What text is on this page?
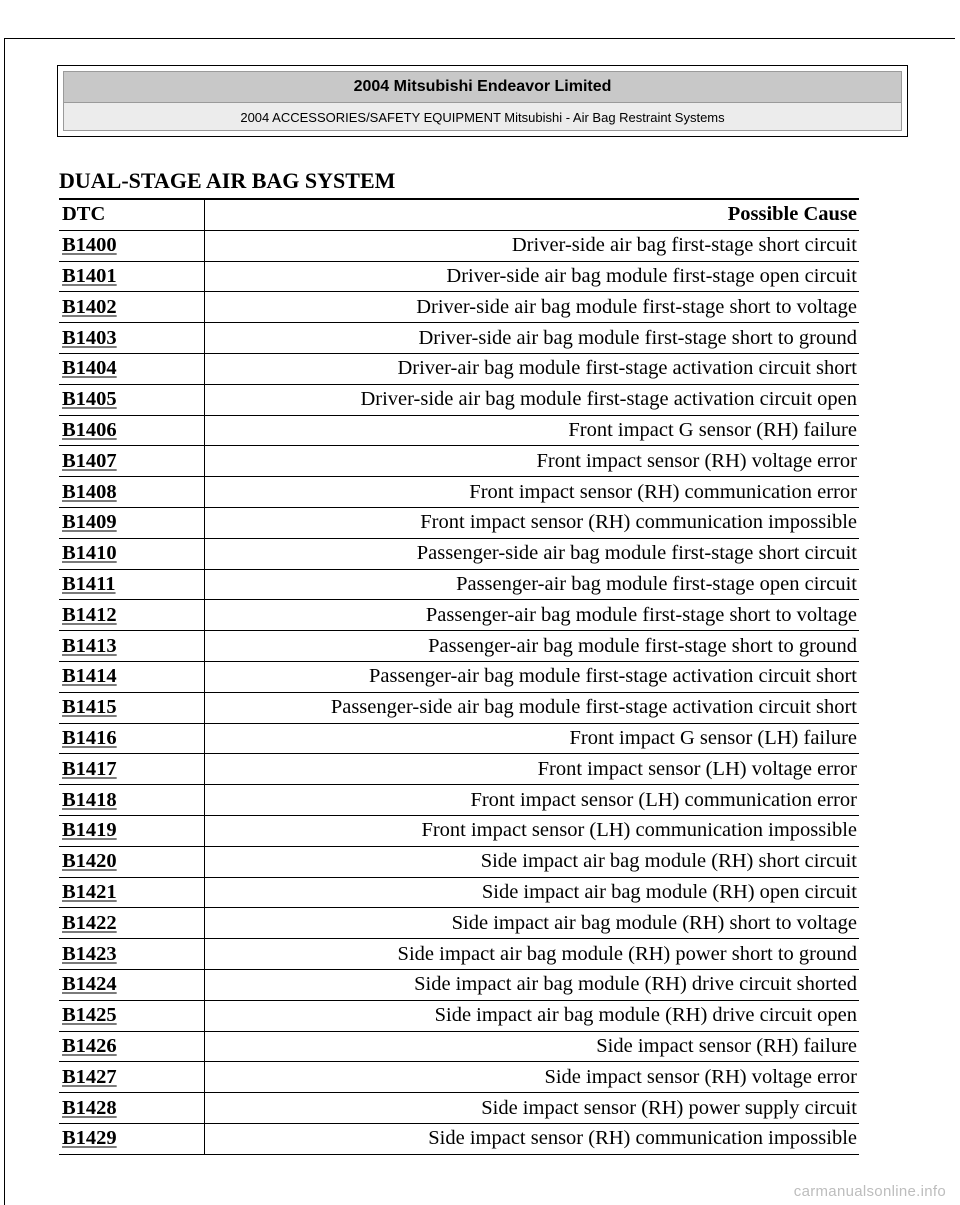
2004 Mitsubishi Endeavor Limited
2004 ACCESSORIES/SAFETY EQUIPMENT Mitsubishi - Air Bag Restraint Systems
DUAL-STAGE AIR BAG SYSTEM
DTC	Possible Cause
B1400	Driver-side air bag first-stage short circuit
B1401	Driver-side air bag module first-stage open circuit
B1402	Driver-side air bag module first-stage short to voltage
B1403	Driver-side air bag module first-stage short to ground
B1404	Driver-air bag module first-stage activation circuit short
B1405	Driver-side air bag module first-stage activation circuit open
B1406	Front impact G sensor (RH) failure
B1407	Front impact sensor (RH) voltage error
B1408	Front impact sensor (RH) communication error
B1409	Front impact sensor (RH) communication impossible
B1410	Passenger-side air bag module first-stage short circuit
B1411	Passenger-air bag module first-stage open circuit
B1412	Passenger-air bag module first-stage short to voltage
B1413	Passenger-air bag module first-stage short to ground
B1414	Passenger-air bag module first-stage activation circuit short
B1415	Passenger-side air bag module first-stage activation circuit short
B1416	Front impact G sensor (LH) failure
B1417	Front impact sensor (LH) voltage error
B1418	Front impact sensor (LH) communication error
B1419	Front impact sensor (LH) communication impossible
B1420	Side impact air bag module (RH) short circuit
B1421	Side impact air bag module (RH) open circuit
B1422	Side impact air bag module (RH) short to voltage
B1423	Side impact air bag module (RH) power short to ground
B1424	Side impact air bag module (RH) drive circuit shorted
B1425	Side impact air bag module (RH) drive circuit open
B1426	Side impact sensor (RH) failure
B1427	Side impact sensor (RH) voltage error
B1428	Side impact sensor (RH) power supply circuit
B1429	Side impact sensor (RH) communication impossible
carmanualsonline.info
